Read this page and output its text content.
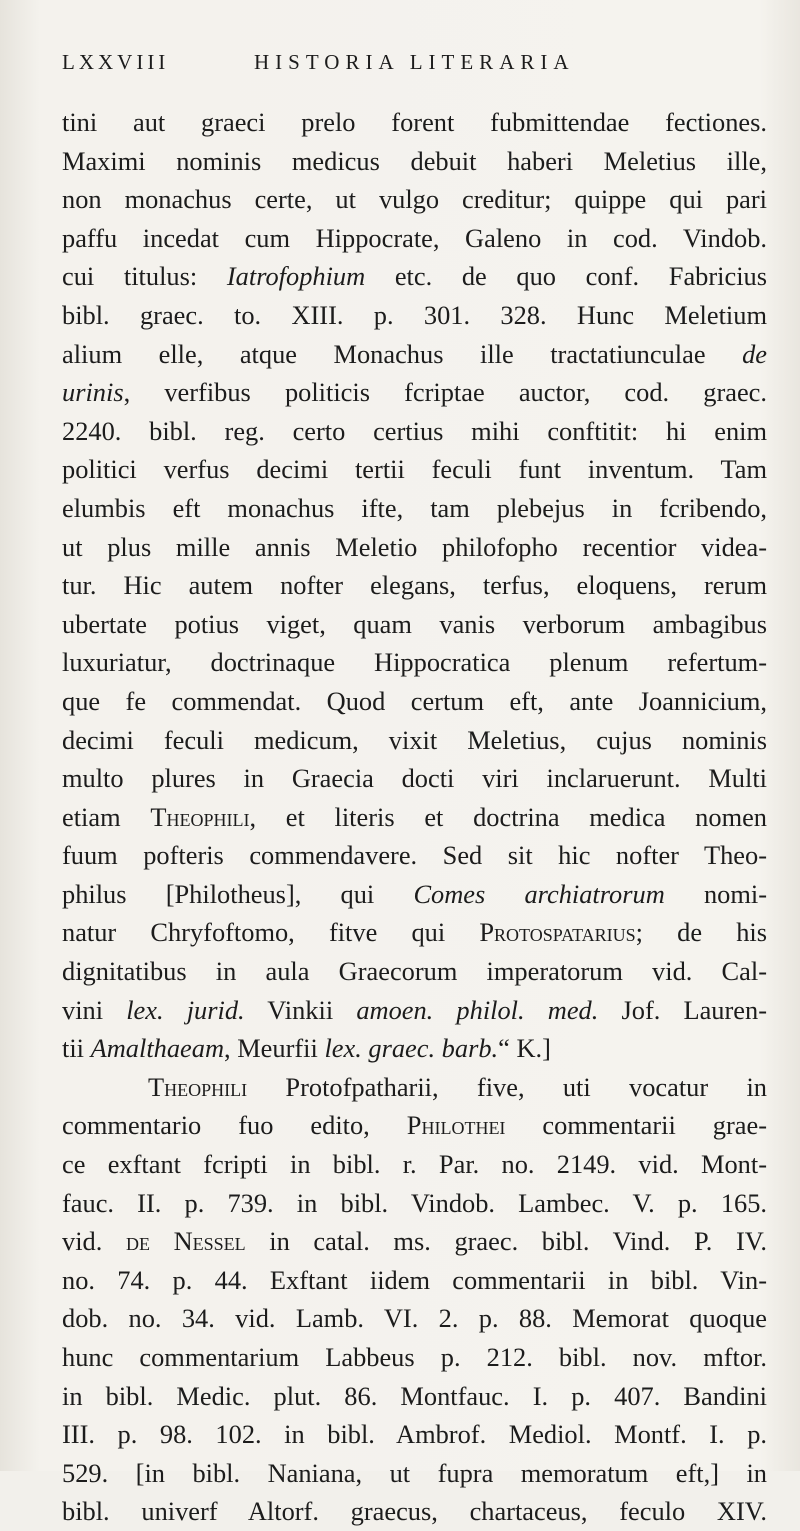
LXXVIII	HISTORIA LITERARIA
tini aut graeci prelo forent fubmittendae fectiones.
Maximi nominis medicus debuit haberi Meletius ille,
non monachus certe, ut vulgo creditur; quippe qui pari
paffu incedat cum Hippocrate, Galeno in cod. Vindob.
cui titulus: Iatrofophium etc. de quo conf. Fabricius
bibl. graec. to. XIII. p. 301. 328. Hunc Meletium
alium elle, atque Monachus ille tractatiunculae de
urinis, verfibus politicis fcriptae auctor, cod. graec.
2240. bibl. reg. certo certius mihi conftitit: hi enim
politici verfus decimi tertii feculi funt inventum. Tam
elumbis eft monachus ifte, tam plebejus in fcribendo,
ut plus mille annis Meletio philofopho recentior videa-
tur. Hic autem nofter elegans, terfus, eloquens, rerum
ubertate potius viget, quam vanis verborum ambagibus
luxuriatur, doctrinaque Hippocratica plenum refertum-
que fe commendat. Quod certum eft, ante Joannicium,
decimi feculi medicum, vixit Meletius, cujus nominis
multo plures in Graecia docti viri inclaruerunt. Multi
etiam Theophili, et literis et doctrina medica nomen
fuum pofteris commendavere. Sed sit hic nofter Theo-
philus [Philotheus], qui Comes archiatrorum nomi-
natur Chryfoftomo, fitve qui Protospatarius; de his
dignitatibus in aula Graecorum imperatorum vid. Cal-
vini lex. jurid. Vinkii amoen. philol. med. Jof. Lauren-
tii Amalthaeam, Meurfii lex. graec. barb.“ K.]
Theophili Protofpatharii, five, uti vocatur in
commentario fuo edito, Philothei commentarii grae-
ce exftant fcripti in bibl. r. Par. no. 2149. vid. Mont-
fauc. II. p. 739. in bibl. Vindob. Lambec. V. p. 165.
vid. de Nessel in catal. ms. graec. bibl. Vind. P. IV.
no. 74. p. 44. Exftant iidem commentarii in bibl. Vin-
dob. no. 34. vid. Lamb. VI. 2. p. 88. Memorat quoque
hunc commentarium Labbeus p. 212. bibl. nov. mftor.
in bibl. Medic. plut. 86. Montfauc. I. p. 407. Bandini
III. p. 98. 102. in bibl. Ambrof. Mediol. Montf. I. p.
529. [in bibl. Naniana, ut fupra memoratum eft,] in
bibl. univerf Altorf. graecus, chartaceus, feculo XIV.
